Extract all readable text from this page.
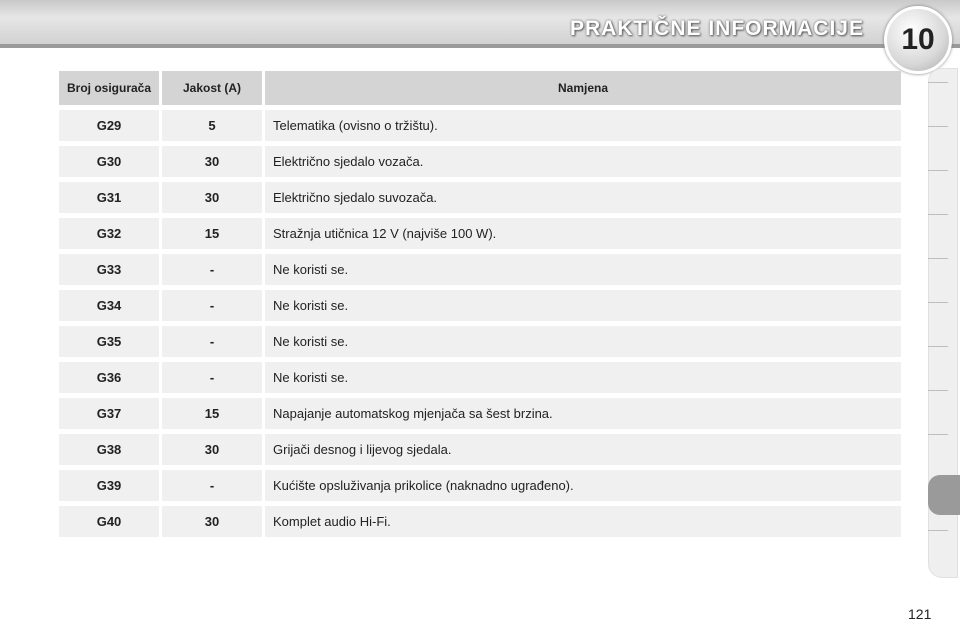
PRAKTIČNE INFORMACIJE	10
Broj osigurača	Jakost (A)	Namjena
G29	5	Telematika (ovisno o tržištu).
G30	30	Električno sjedalo vozača.
G31	30	Električno sjedalo suvozača.
G32	15	Stražnja utičnica 12 V (najviše 100 W).
G33	-	Ne koristi se.
G34	-	Ne koristi se.
G35	-	Ne koristi se.
G36	-	Ne koristi se.
G37	15	Napajanje automatskog mjenjača sa šest brzina.
G38	30	Grijači desnog i lijevog sjedala.
G39	-	Kućište opsluživanja prikolice (naknadno ugrađeno).
G40	30	Komplet audio Hi-Fi.
121
